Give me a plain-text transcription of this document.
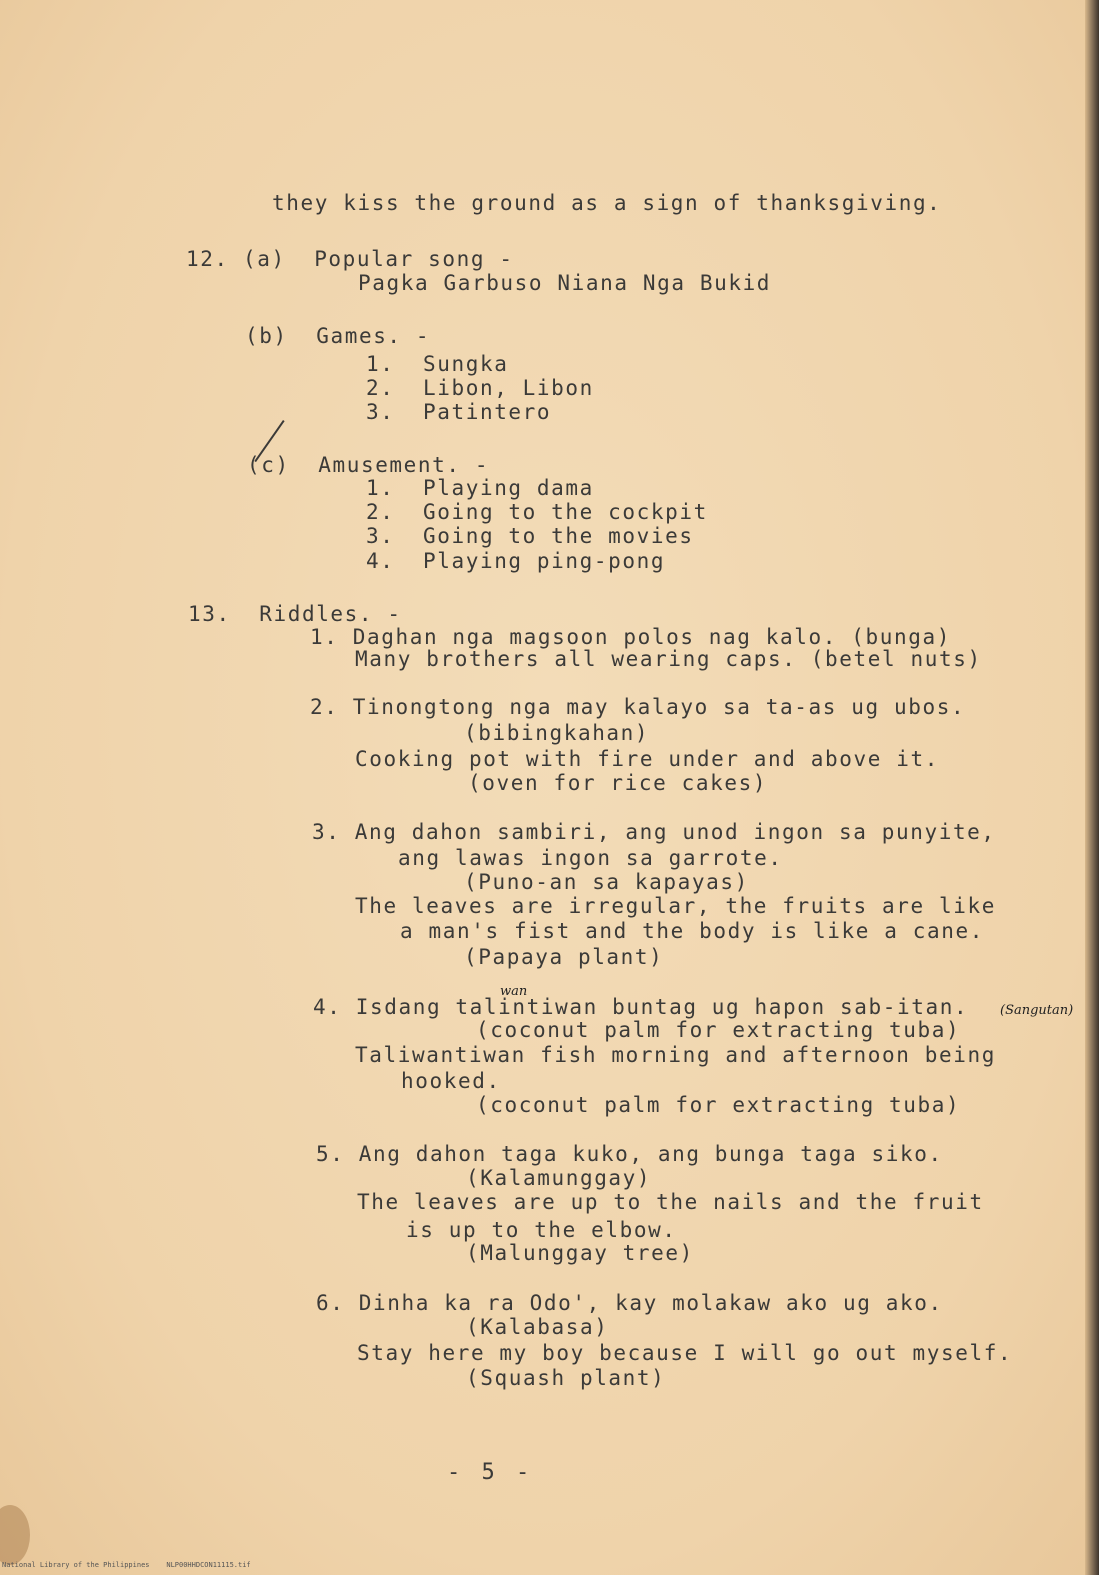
they kiss the ground as a sign of thanksgiving.
12. (a)  Popular song -
Pagka Garbuso Niana Nga Bukid
(b)  Games. -
1.  Sungka
2.  Libon, Libon
3.  Patintero
(c)  Amusement. -
1.  Playing dama
2.  Going to the cockpit
3.  Going to the movies
4.  Playing ping-pong
13.  Riddles. -
1. Daghan nga magsoon polos nag kalo. (bunga)
Many brothers all wearing caps. (betel nuts)
2. Tinongtong nga may kalayo sa ta-as ug ubos.
(bibingkahan)
Cooking pot with fire under and above it.
(oven for rice cakes)
3. Ang dahon sambiri, ang unod ingon sa punyite,
ang lawas ingon sa garrote.
(Puno-an sa kapayas)
The leaves are irregular, the fruits are like
a man's fist and the body is like a cane.
(Papaya plant)
wan
4. Isdang talintiwan buntag ug hapon sab-itan. (Sangutan)
(coconut palm for extracting tuba)
Taliwantiwan fish morning and afternoon being
hooked.
(coconut palm for extracting tuba)
5. Ang dahon taga kuko, ang bunga taga siko.
(Kalamunggay)
The leaves are up to the nails and the fruit
is up to the elbow.
(Malunggay tree)
6. Dinha ka ra Odo', kay molakaw ako ug ako.
(Kalabasa)
Stay here my boy because I will go out myself.
(Squash plant)
- 5 -
National Library of the Philippines    NLP00HHDCON11115.tif
